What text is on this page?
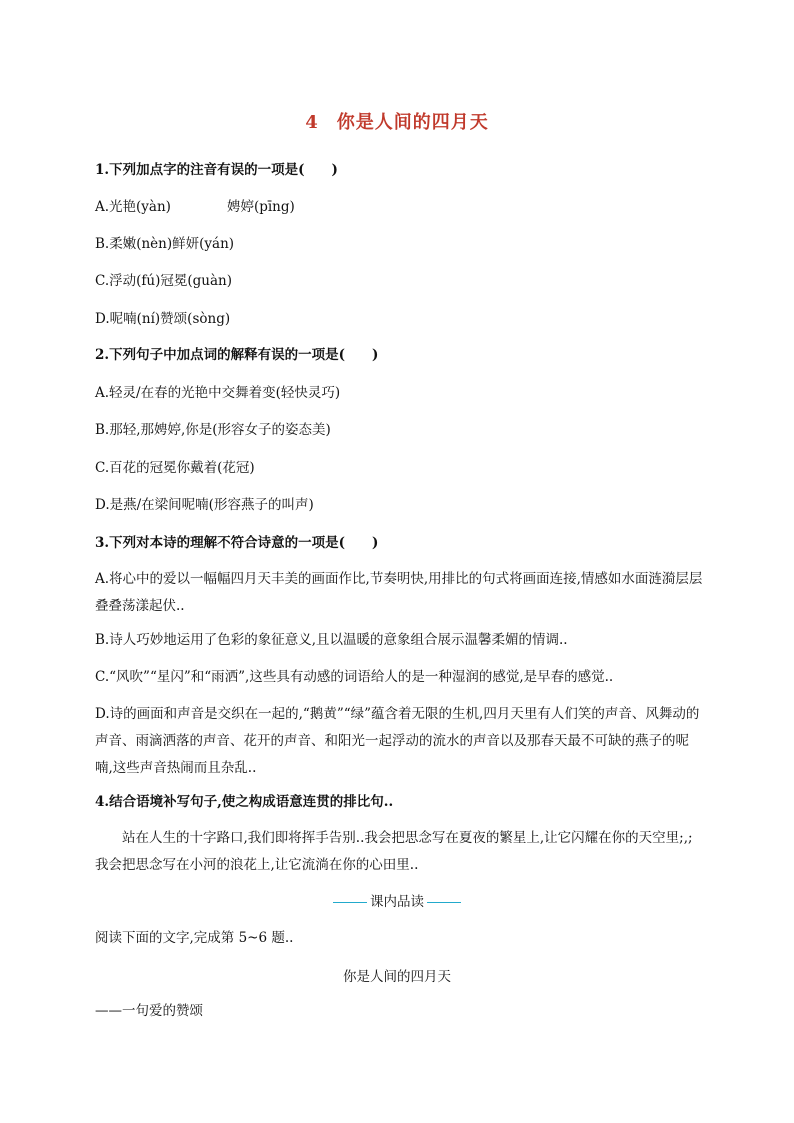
4 你是人间的四月天
1.下列加点字的注音有误的一项是(　　)
A.光艳(yàn)	娉婷(pīng)
B.柔嫩(nèn)鲜妍(yán)
C.浮动(fú)冠冕(guàn)
D.呢喃(ní)赞颂(sòng)
2.下列句子中加点词的解释有误的一项是(　　)
A.轻灵/在春的光艳中交舞着变(轻快灵巧)
B.那轻,那娉婷,你是(形容女子的姿态美)
C.百花的冠冕你戴着(花冠)
D.是燕/在梁间呢喃(形容燕子的叫声)
3.下列对本诗的理解不符合诗意的一项是(　　)
A.将心中的爱以一幅幅四月天丰美的画面作比,节奏明快,用排比的句式将画面连接,情感如水面涟漪层层叠叠荡漾起伏..
B.诗人巧妙地运用了色彩的象征意义,且以温暖的意象组合展示温馨柔媚的情调..
C.“风吹”“星闪”和“雨洒”,这些具有动感的词语给人的是一种湿润的感觉,是早春的感觉..
D.诗的画面和声音是交织在一起的,“鹅黄”“绿”蕴含着无限的生机,四月天里有人们笑的声音、风舞动的声音、雨滴洒落的声音、花开的声音、和阳光一起浮动的流水的声音以及那春天最不可缺的燕子的呢喃,这些声音热闹而且杂乱..
4.结合语境补写句子,使之构成语意连贯的排比句..
站在人生的十字路口,我们即将挥手告别..我会把思念写在夏夜的繁星上,让它闪耀在你的天空里;,;我会把思念写在小河的浪花上,让它流淌在你的心田里..
课内品读
阅读下面的文字,完成第 5~6 题..
你是人间的四月天
——一句爱的赞颂
